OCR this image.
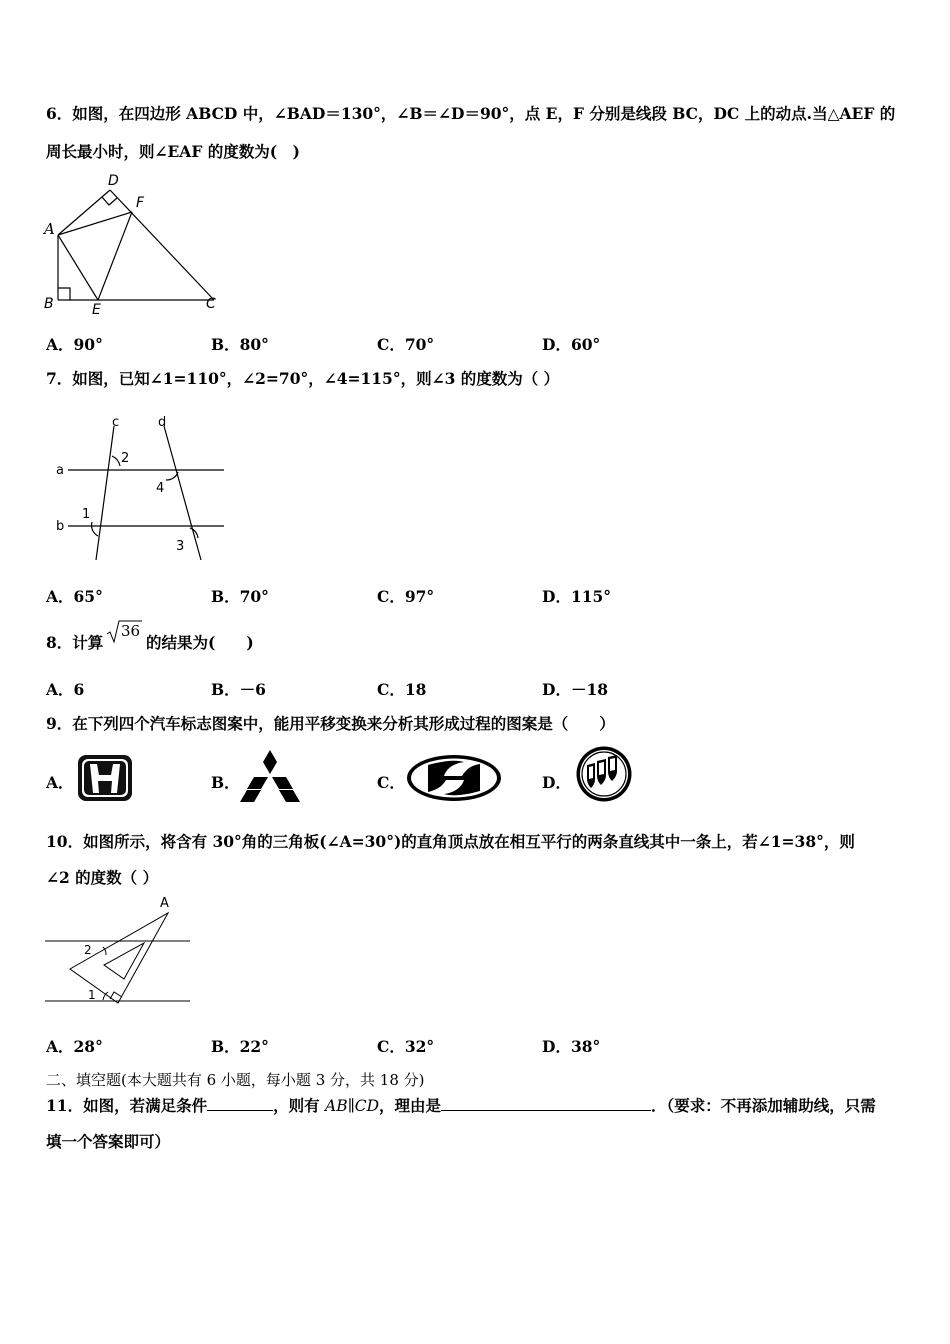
6．如图，在四边形 ABCD 中，∠BAD＝130°，∠B＝∠D＝90°，点 E，F 分别是线段 BC，DC 上的动点.当△AEF 的
周长最小时，则∠EAF 的度数为(　)
A
B	C
D
E
F
A．90°	B．80°	C．70°	D．60°
7．如图，已知∠1=110°，∠2=70°，∠4=115°，则∠3 的度数为（ ）
c	d
a
b
2
4
1
3
A．65°	B．70°	C．97°	D．115°
8．计算
36
的结果为(　　)
A．6	B．－6	C．18	D．－18
9．在下列四个汽车标志图案中，能用平移变换来分析其形成过程的图案是（　　）
A．	B．	C．	D．
10．如图所示，将含有 30°角的三角板(∠A=30°)的直角顶点放在相互平行的两条直线其中一条上，若∠1=38°，则
∠2 的度数（ ）
A
2
1
A．28°	B．22°	C．32°	D．38°
二、填空题(本大题共有 6 小题，每小题 3 分，共 18 分)
11．如图，若满足条件	，则有 AB∥CD，理由是	．（要求：不再添加辅助线，只需
填一个答案即可）
